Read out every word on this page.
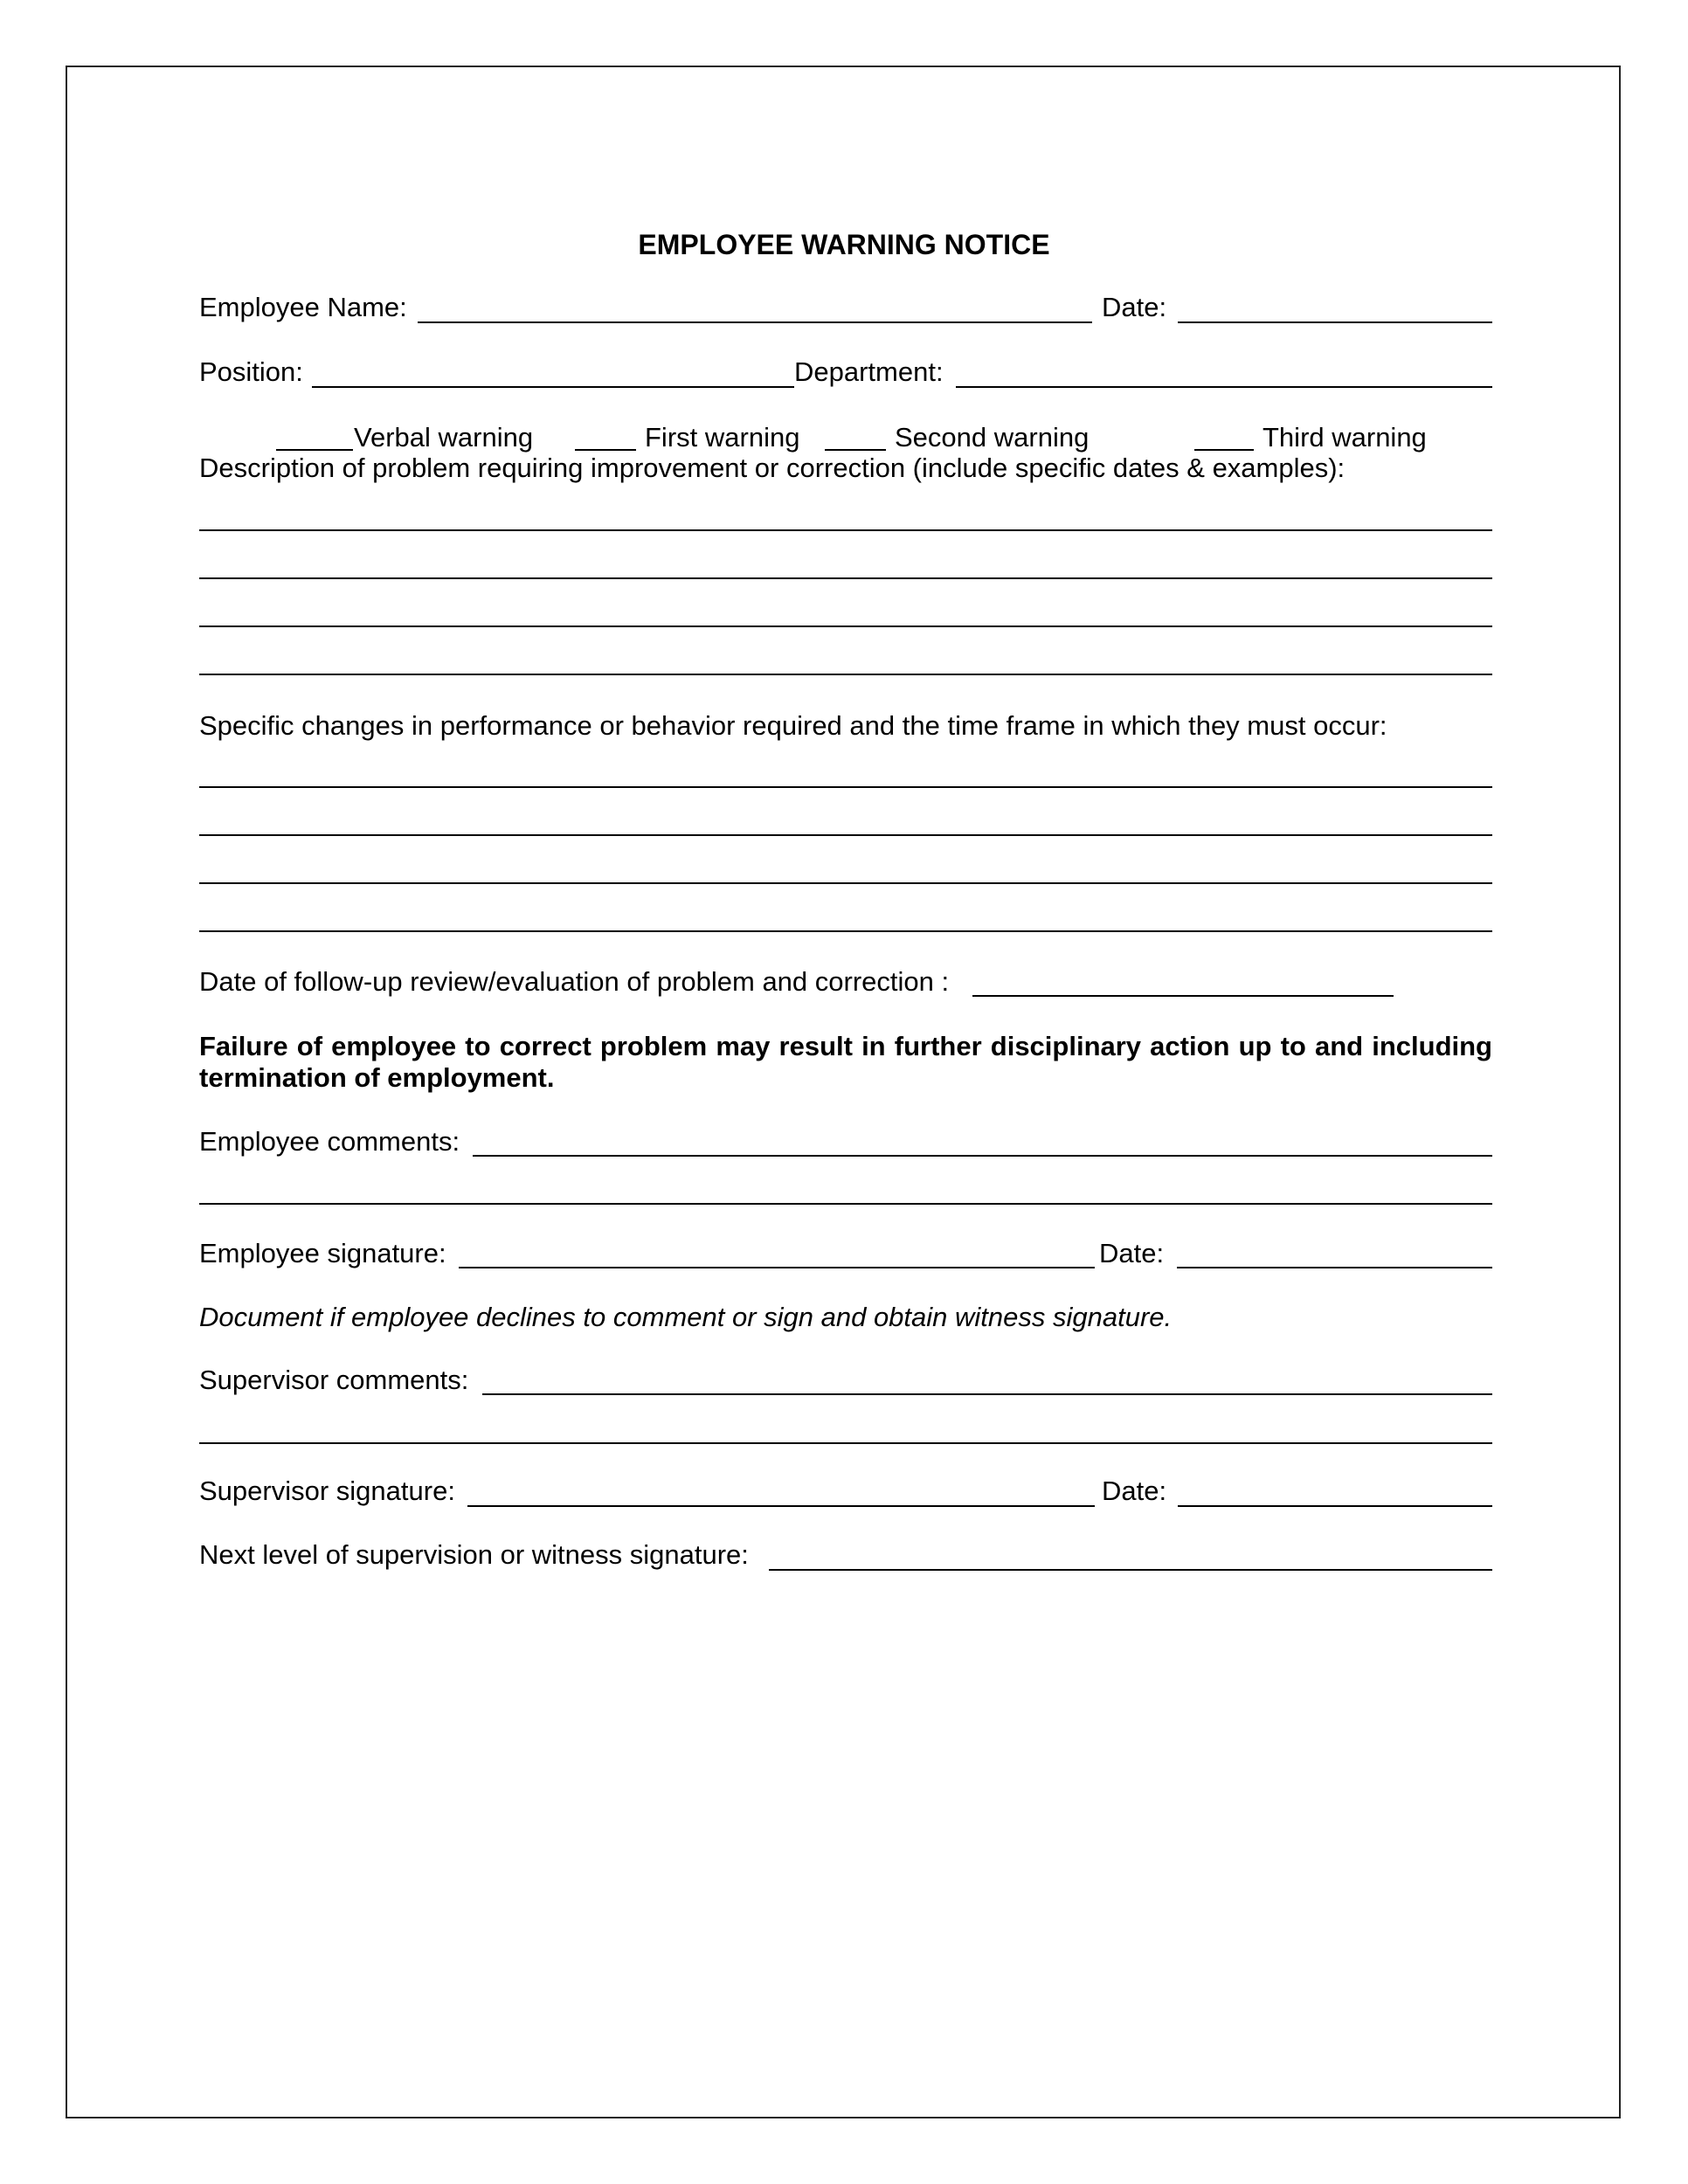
EMPLOYEE WARNING NOTICE
Employee Name:	Date:
Position:	Department:
Verbal warning	First warning	Second warning	Third warning
Description of problem requiring improvement or correction (include specific dates & examples):
Specific changes in performance or behavior required and the time frame in which they must occur:
Date of follow-up review/evaluation of problem and correction :
Failure of employee to correct problem may result in further disciplinary action up to and including termination of employment.
Employee comments:
Employee signature:	Date:
Document if employee declines to comment or sign and obtain witness signature.
Supervisor comments:
Supervisor signature:	Date:
Next level of supervision or witness signature:
